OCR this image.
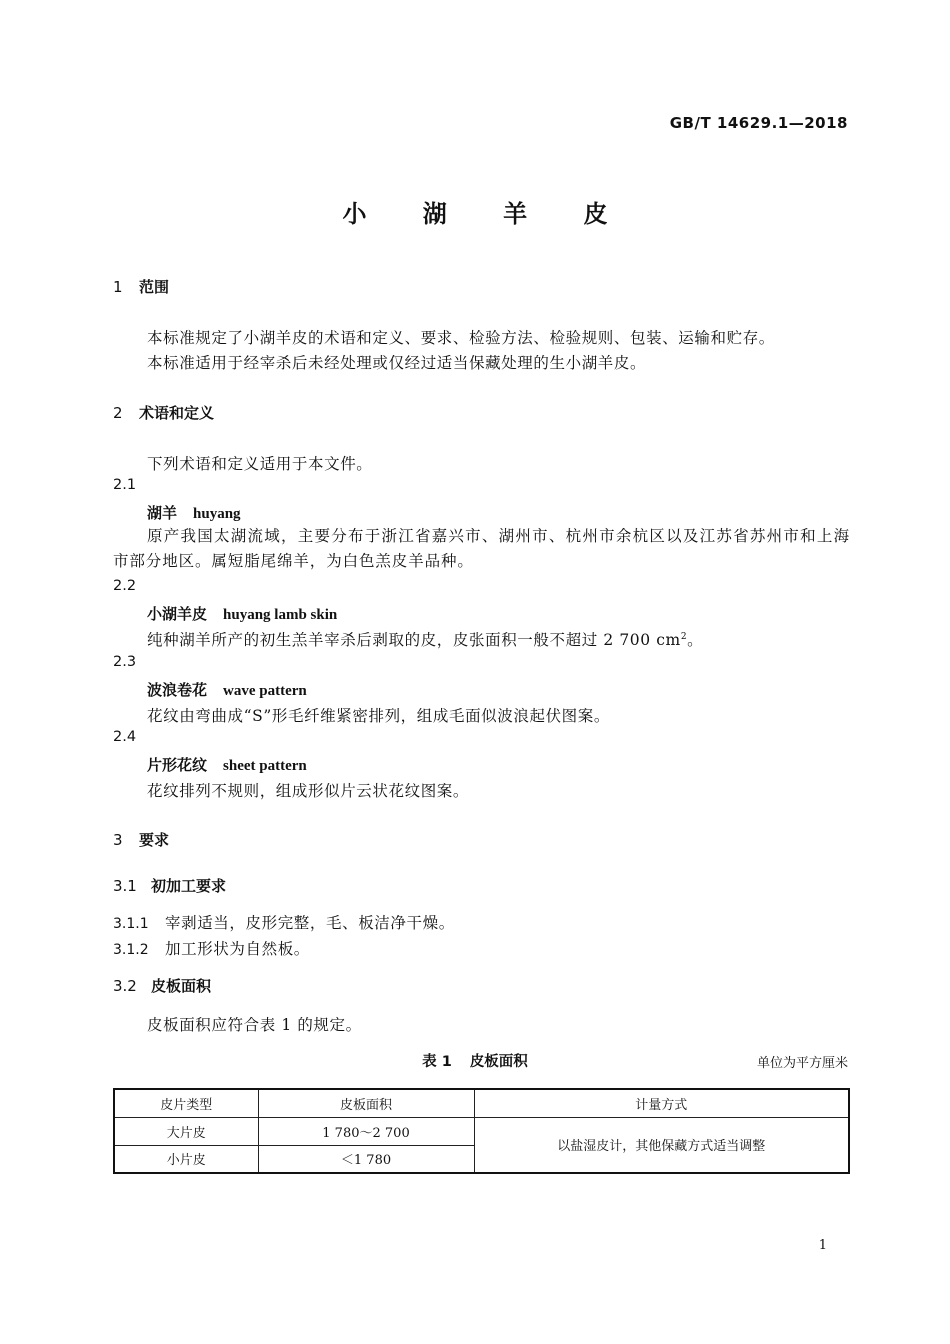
GB/T 14629.1—2018
小 湖 羊 皮
1 范围
本标准规定了小湖羊皮的术语和定义、要求、检验方法、检验规则、包装、运输和贮存。
本标准适用于经宰杀后未经处理或仅经过适当保藏处理的生小湖羊皮。
2 术语和定义
下列术语和定义适用于本文件。
2.1
湖羊 huyang
原产我国太湖流域，主要分布于浙江省嘉兴市、湖州市、杭州市余杭区以及江苏省苏州市和上海市部分地区。属短脂尾绵羊，为白色羔皮羊品种。
2.2
小湖羊皮 huyang lamb skin
纯种湖羊所产的初生羔羊宰杀后剥取的皮，皮张面积一般不超过 2 700 $cm^2$。
2.3
波浪卷花 wave pattern
花纹由弯曲成“S”形毛纤维紧密排列，组成毛面似波浪起伏图案。
2.4
片形花纹 sheet pattern
花纹排列不规则，组成形似片云状花纹图案。
3 要求
3.1 初加工要求
3.1.1 宰剥适当，皮形完整，毛、板洁净干燥。
3.1.2 加工形状为自然板。
3.2 皮板面积
皮板面积应符合表 1 的规定。
表 1 皮板面积	单位为平方厘米
皮片类型	皮板面积	计量方式
大片皮	1 780～2 700	以盐湿皮计，其他保藏方式适当调整
小片皮	＜1 780	
1
